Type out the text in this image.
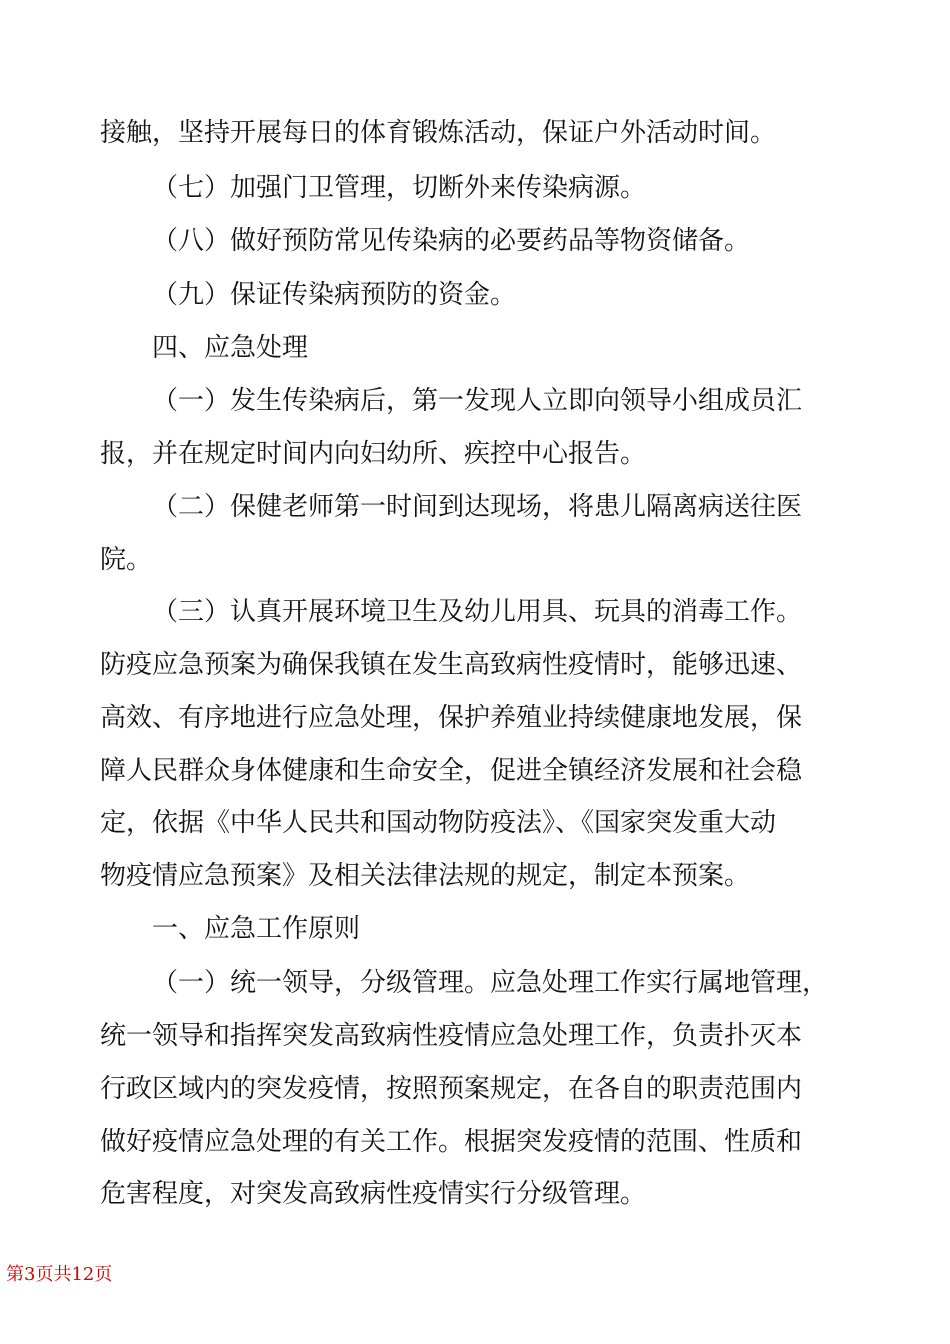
接触，坚持开展每日的体育锻炼活动，保证户外活动时间。
（七）加强门卫管理，切断外来传染病源。
（八）做好预防常见传染病的必要药品等物资储备。
（九）保证传染病预防的资金。
四、应急处理
（一）发生传染病后，第一发现人立即向领导小组成员汇
报，并在规定时间内向妇幼所、疾控中心报告。
（二）保健老师第一时间到达现场，将患儿隔离病送往医
院。
（三）认真开展环境卫生及幼儿用具、玩具的消毒工作。
防疫应急预案为确保我镇在发生高致病性疫情时，能够迅速、
高效、有序地进行应急处理，保护养殖业持续健康地发展，保
障人民群众身体健康和生命安全，促进全镇经济发展和社会稳
定，依据《中华人民共和国动物防疫法》、《国家突发重大动
物疫情应急预案》及相关法律法规的规定，制定本预案。
一、应急工作原则
（一）统一领导，分级管理。应急处理工作实行属地管理，
统一领导和指挥突发高致病性疫情应急处理工作，负责扑灭本
行政区域内的突发疫情，按照预案规定，在各自的职责范围内
做好疫情应急处理的有关工作。根据突发疫情的范围、性质和
危害程度，对突发高致病性疫情实行分级管理。
第3页共12页
